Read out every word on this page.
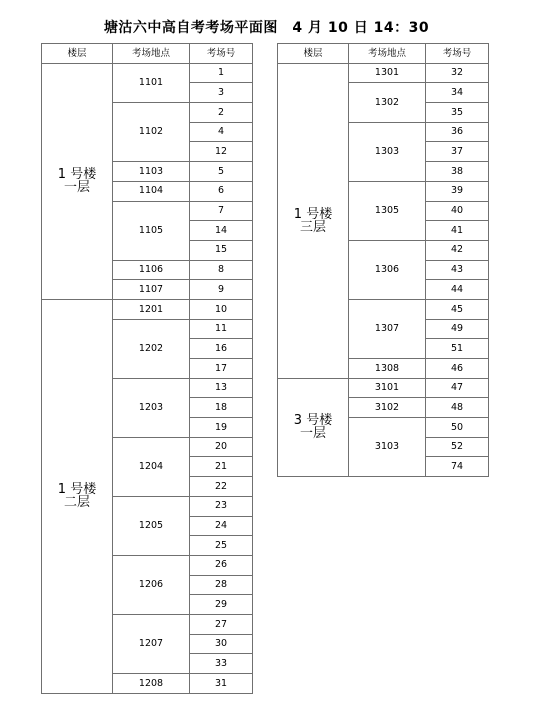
塘沽六中高自考考场平面图　4 月 10 日 14：30
楼层	考场地点	考场号

1 号楼
一层	1101	1
		3
	1102	2
		4
		12
	1103	5
	1104	6
	1105	7
		14
		15
	1106	8
	1107	9

1 号楼
二层	1201	10
	1202	11
		16
		17
	1203	13
		18
		19
	1204	20
		21
		22
	1205	23
		24
		25
	1206	26
		28
		29
	1207	27
		30
		33
	1208	31
楼层	考场地点	考场号

1 号楼
三层	1301	32
	1302	34
		35
	1303	36
		37
		38
	1305	39
		40
		41
	1306	42
		43
		44
	1307	45
		49
		51
	1308	46

3 号楼
一层	3101	47
	3102	48
	3103	50
		52
		74
